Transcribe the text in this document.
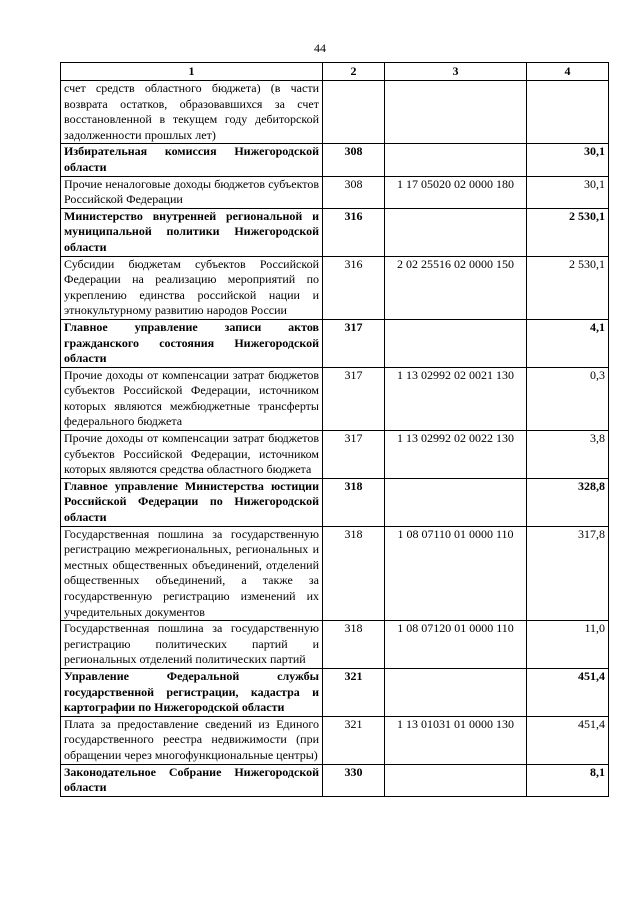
44
1	2	3	4
счет средств областного бюджета) (в части возврата остатков, образовавшихся за счет восстановленной в текущем году дебиторской задолженности прошлых лет)			
Избирательная комиссия Нижегородской области	308		30,1
Прочие неналоговые доходы бюджетов субъектов Российской Федерации	308	1 17 05020 02 0000 180	30,1
Министерство внутренней региональной и муниципальной политики Нижегородской области	316		2 530,1
Субсидии бюджетам субъектов Российской Федерации на реализацию мероприятий по укреплению единства российской нации и этнокультурному развитию народов России	316	2 02 25516 02 0000 150	2 530,1
Главное управление записи актов гражданского состояния Нижегородской области	317		4,1
Прочие доходы от компенсации затрат бюджетов субъектов Российской Федерации, источником которых являются межбюджетные трансферты федерального бюджета	317	1 13 02992 02 0021 130	0,3
Прочие доходы от компенсации затрат бюджетов субъектов Российской Федерации, источником которых являются средства областного бюджета	317	1 13 02992 02 0022 130	3,8
Главное управление Министерства юстиции Российской Федерации по Нижегородской области	318		328,8
Государственная пошлина за государственную регистрацию межрегиональных, региональных и местных общественных объединений, отделений общественных объединений, а также за государственную регистрацию изменений их учредительных документов	318	1 08 07110 01 0000 110	317,8
Государственная пошлина за государственную регистрацию политических партий и региональных отделений политических партий	318	1 08 07120 01 0000 110	11,0
Управление Федеральной службы государственной регистрации, кадастра и картографии по Нижегородской области	321		451,4
Плата за предоставление сведений из Единого государственного реестра недвижимости (при обращении через многофункциональные центры)	321	1 13 01031 01 0000 130	451,4
Законодательное Собрание Нижегородской области	330		8,1
